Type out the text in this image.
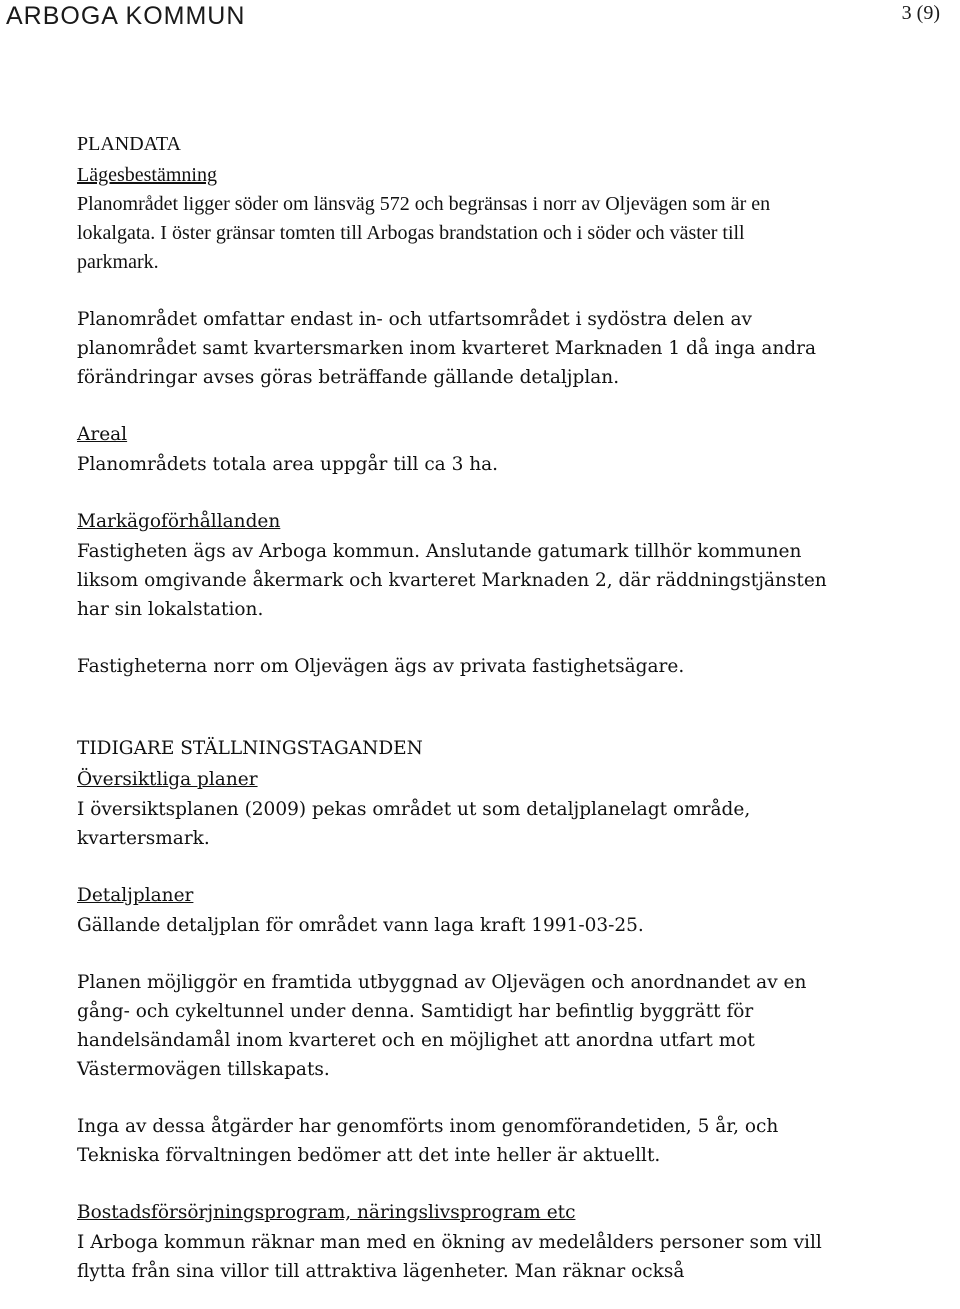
ARBOGA KOMMUN	3 (9)
PLANDATA
Lägesbestämning

Planområdet ligger söder om länsväg 572 och begränsas i norr av Oljevägen som är en lokalgata. I öster gränsar tomten till Arbogas brandstation och i söder och väster till parkmark.

Planområdet omfattar endast in- och utfartsområdet i sydöstra delen av planområdet samt kvartersmarken inom kvarteret Marknaden 1 då inga andra förändringar avses göras beträffande gällande detaljplan.

Areal

Planområdets totala area uppgår till ca 3 ha.

Markägoförhållanden

Fastigheten ägs av Arboga kommun. Anslutande gatumark tillhör kommunen liksom omgivande åkermark och kvarteret Marknaden 2, där räddningstjänsten har sin lokalstation.

Fastigheterna norr om Oljevägen ägs av privata fastighetsägare.

TIDIGARE STÄLLNINGSTAGANDEN
Översiktliga planer

I översiktsplanen (2009) pekas området ut som detaljplanelagt område, kvartersmark.

Detaljplaner

Gällande detaljplan för området vann laga kraft 1991-03-25.

Planen möjliggör en framtida utbyggnad av Oljevägen och anordnandet av en gång- och cykeltunnel under denna. Samtidigt har befintlig byggrätt för handelsändamål inom kvarteret och en möjlighet att anordna utfart mot Västermovägen tillskapats.

Inga av dessa åtgärder har genomförts inom genomförandetiden, 5 år, och Tekniska förvaltningen bedömer att det inte heller är aktuellt.

Bostadsförsörjningsprogram, näringslivsprogram etc

I Arboga kommun räknar man med en ökning av medelålders personer som vill flytta från sina villor till attraktiva lägenheter. Man räknar också
